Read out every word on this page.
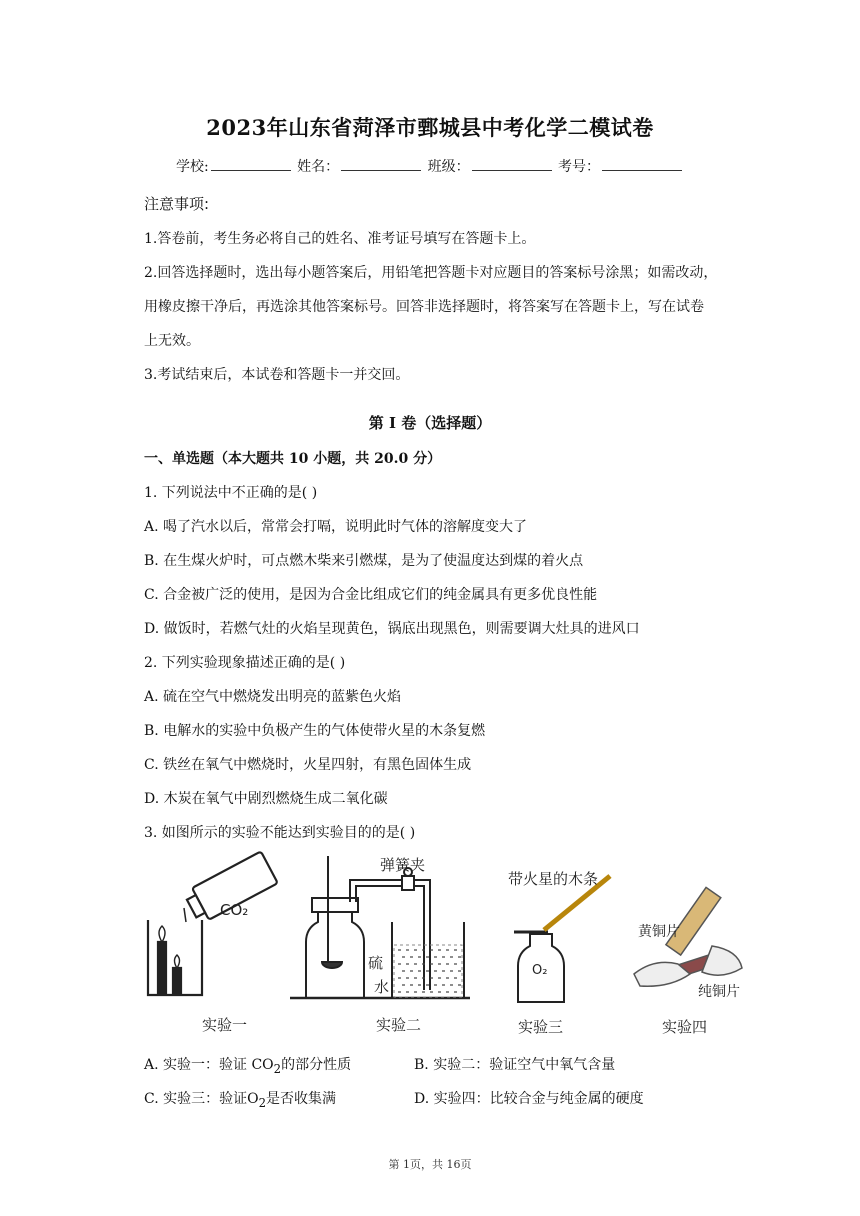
2023年山东省菏泽市鄄城县中考化学二模试卷
学校:	姓名：	班级：	考号：
注意事项:
1.答卷前，考生务必将自己的姓名、准考证号填写在答题卡上。
2.回答选择题时，选出每小题答案后，用铅笔把答题卡对应题目的答案标号涂黑；如需改动，
用橡皮擦干净后，再选涂其他答案标号。回答非选择题时，将答案写在答题卡上，写在试卷
上无效。
3.考试结束后，本试卷和答题卡一并交回。
第 I 卷（选择题）
一、单选题（本大题共 10 小题，共 20.0 分）
1. 下列说法中不正确的是( )
A. 喝了汽水以后，常常会打嗝，说明此时气体的溶解度变大了
B. 在生煤火炉时，可点燃木柴来引燃煤，是为了使温度达到煤的着火点
C. 合金被广泛的使用，是因为合金比组成它们的纯金属具有更多优良性能
D. 做饭时，若燃气灶的火焰呈现黄色，锅底出现黑色，则需要调大灶具的进风口
2. 下列实验现象描述正确的是( )
A. 硫在空气中燃烧发出明亮的蓝紫色火焰
B. 电解水的实验中负极产生的气体使带火星的木条复燃
C. 铁丝在氧气中燃烧时，火星四射，有黑色固体生成
D. 木炭在氧气中剧烈燃烧生成二氧化碳
3. 如图所示的实验不能达到实验目的的是( )
CO₂
弹簧夹
硫
水
带火星的木条
O₂
黄铜片
纯铜片
实验一	实验二	实验三	实验四
A. 实验一：验证 $CO_2$的部分性质	B. 实验二：验证空气中氧气含量
C. 实验三：验证$O_2$是否收集满	D. 实验四：比较合金与纯金属的硬度
第 1页，共 16页
